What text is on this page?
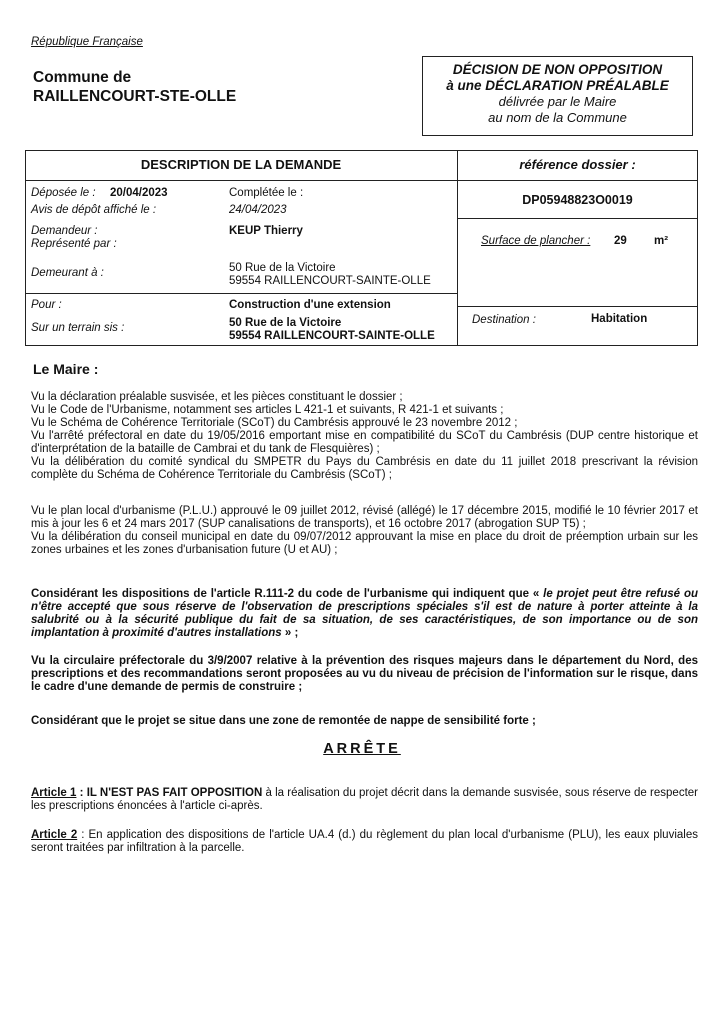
République Française
Commune de
RAILLENCOURT-STE-OLLE
DÉCISION DE NON OPPOSITION
à une DÉCLARATION PRÉALABLE
délivrée par le Maire
au nom de la Commune
DESCRIPTION DE LA DEMANDE	référence dossier :
Déposée le : 20/04/2023	Complétée le :
Avis de dépôt affiché le :	24/04/2023
Demandeur :	KEUP Thierry
Représenté par :
Demeurant à :	50 Rue de la Victoire
59554 RAILLENCOURT-SAINTE-OLLE
Pour :	Construction d'une extension
Sur un terrain sis :	50 Rue de la Victoire
59554 RAILLENCOURT-SAINTE-OLLE
DP05948823O0019
Surface de plancher : 29 m²
Destination :	Habitation
Le Maire :

Vu la déclaration préalable susvisée, et les pièces constituant le dossier ;

Vu le Code de l'Urbanisme, notamment ses articles L 421-1 et suivants, R 421-1 et suivants ;

Vu le Schéma de Cohérence Territoriale (SCoT) du Cambrésis approuvé le 23 novembre 2012 ;

Vu l'arrêté préfectoral en date du 19/05/2016 emportant mise en compatibilité du SCoT du Cambrésis (DUP centre historique et d'interprétation de la bataille de Cambrai et du tank de Flesquières) ;

Vu la délibération du comité syndical du SMPETR du Pays du Cambrésis en date du 11 juillet 2018 prescrivant la révision complète du Schéma de Cohérence Territoriale du Cambrésis (SCoT) ;

Vu le plan local d'urbanisme (P.L.U.) approuvé le 09 juillet 2012, révisé (allégé) le 17 décembre 2015, modifié le 10 février 2017 et mis à jour les 6 et 24 mars 2017 (SUP canalisations de transports), et 16 octobre 2017 (abrogation SUP T5) ;

Vu la délibération du conseil municipal en date du 09/07/2012 approuvant la mise en place du droit de préemption urbain sur les zones urbaines et les zones d'urbanisation future (U et AU) ;

Considérant les dispositions de l'article R.111-2 du code de l'urbanisme qui indiquent que « le projet peut être refusé ou n'être accepté que sous réserve de l'observation de prescriptions spéciales s'il est de nature à porter atteinte à la salubrité ou à la sécurité publique du fait de sa situation, de ses caractéristiques, de son importance ou de son implantation à proximité d'autres installations » ;
Vu la circulaire préfectorale du 3/9/2007 relative à la prévention des risques majeurs dans le département du Nord, des prescriptions et des recommandations seront proposées au vu du niveau de précision de l'information sur le risque, dans le cadre d'une demande de permis de construire ;
Considérant que le projet se situe dans une zone de remontée de nappe de sensibilité forte ;
ARRÊTE
Article 1 : IL N'EST PAS FAIT OPPOSITION à la réalisation du projet décrit dans la demande susvisée, sous réserve de respecter les prescriptions énoncées à l'article ci-après.
Article 2 : En application des dispositions de l'article UA.4 (d.) du règlement du plan local d'urbanisme (PLU), les eaux pluviales seront traitées par infiltration à la parcelle.
